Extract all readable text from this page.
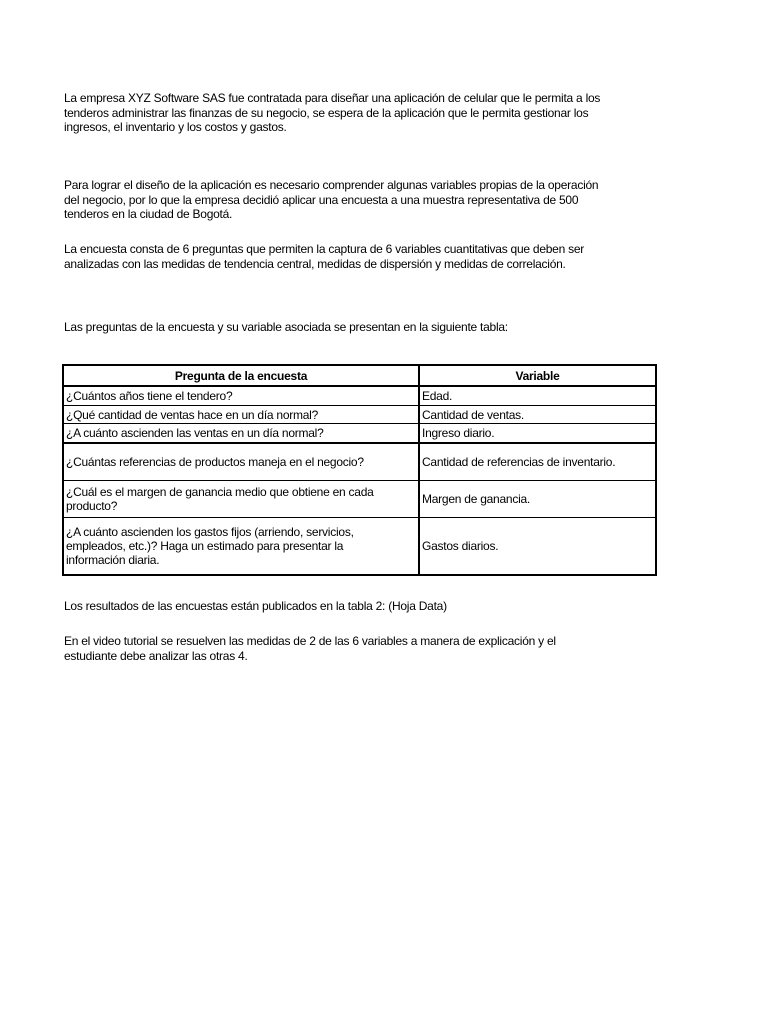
La empresa XYZ Software SAS fue contratada para diseñar una aplicación de celular que le permita a los
tenderos administrar las finanzas de su negocio, se espera de la aplicación que le permita gestionar los
ingresos, el inventario y los costos y gastos.

Para lograr el diseño de la aplicación es necesario comprender algunas variables propias de la operación
del negocio, por lo que la empresa decidió aplicar una encuesta a una muestra representativa de 500
tenderos en la ciudad de Bogotá.

La encuesta consta de 6 preguntas que permiten la captura de 6 variables cuantitativas que deben ser
analizadas con las medidas de tendencia central, medidas de dispersión y medidas de correlación.

Las preguntas de la encuesta y su variable asociada se presentan en la siguiente tabla:

Pregunta de la encuesta	Variable
¿Cuántos años tiene el tendero?	Edad.
¿Qué cantidad de ventas hace en un día normal?	Cantidad de ventas.
¿A cuánto ascienden las ventas en un día normal?	Ingreso diario.
¿Cuántas referencias de productos maneja en el negocio?	Cantidad de referencias de inventario.
¿Cuál es el margen de ganancia medio que obtiene en cada
producto?	Margen de ganancia.
¿A cuánto ascienden los gastos fijos (arriendo, servicios,
empleados, etc.)? Haga un estimado para presentar la
información diaria.	Gastos diarios.

Los resultados de las encuestas están publicados en la tabla 2: (Hoja Data)

En el video tutorial se resuelven las medidas de 2 de las 6 variables a manera de explicación y el
estudiante debe analizar las otras 4.
